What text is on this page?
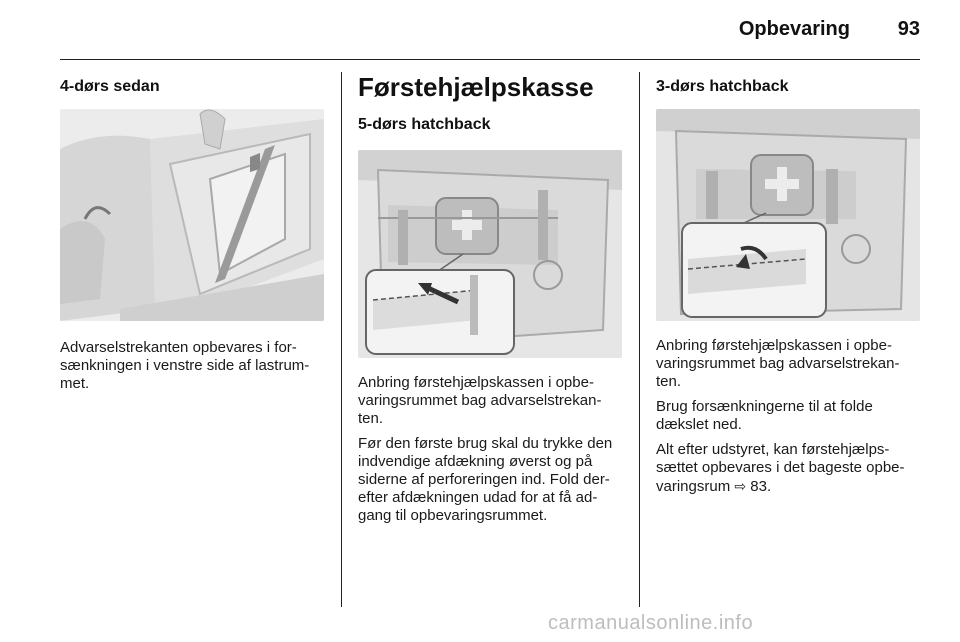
Opbevaring	93
4-dørs sedan

Advarselstrekanten opbevares i for-
sænkningen i venstre side af lastrum-
met.

Førstehjælpskasse
5-dørs hatchback

Anbring førstehjælpskassen i opbe-
varingsrummet bag advarselstrekan-
ten.

Før den første brug skal du trykke den
indvendige afdækning øverst og på
siderne af perforeringen ind. Fold der-
efter afdækningen udad for at få ad-
gang til opbevaringsrummet.

3-dørs hatchback

Anbring førstehjælpskassen i opbe-
varingsrummet bag advarselstrekan-
ten.

Brug forsænkningerne til at folde
dækslet ned.

Alt efter udstyret, kan førstehjælps-
sættet opbevares i det bageste opbe-
varingsrum ⇨ 83.

carmanualsonline.info
